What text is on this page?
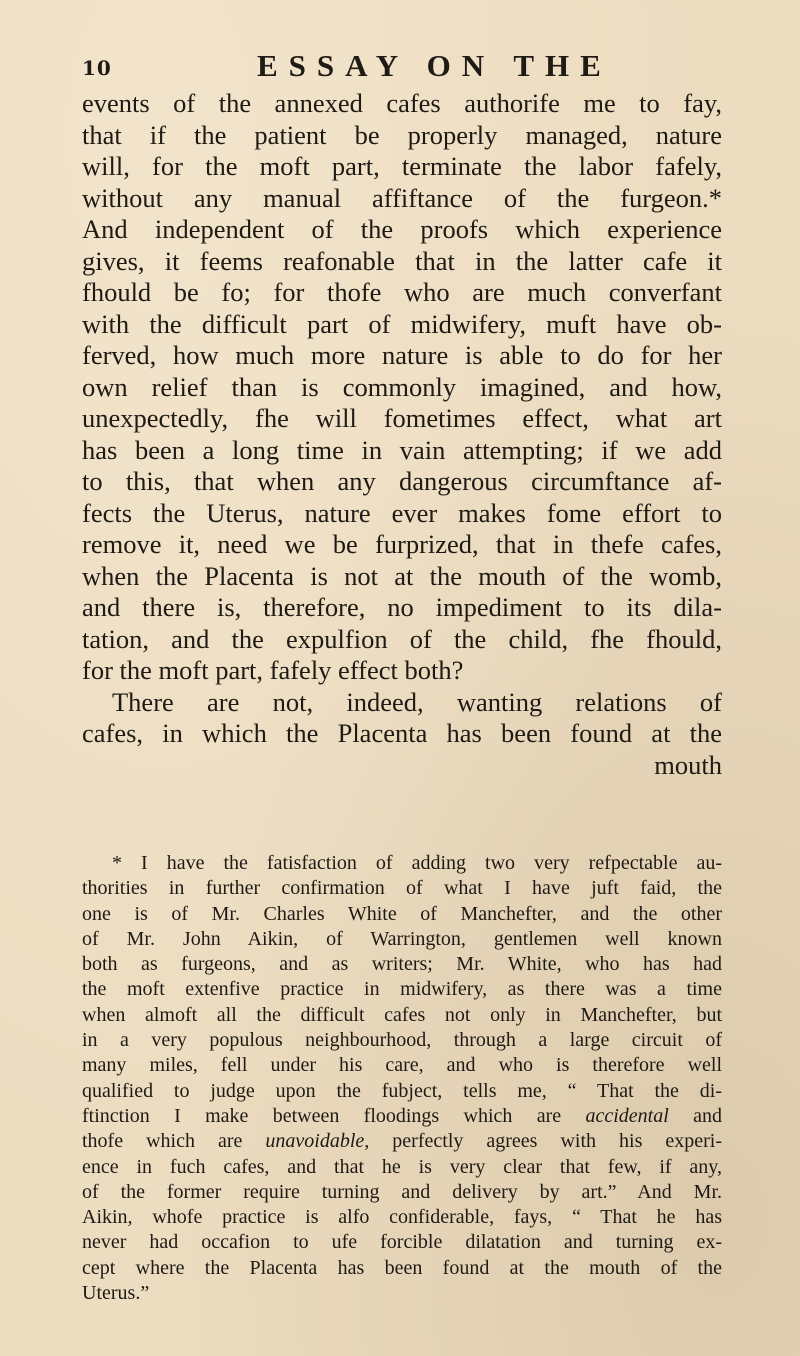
10	ESSAY ON THE
events of the annexed cafes authorife me to fay,
that if the patient be properly managed, nature
will, for the moft part, terminate the labor fafely,
without any manual affiftance of the furgeon.*
And independent of the proofs which experience
gives, it feems reafonable that in the latter cafe it
fhould be fo; for thofe who are much converfant
with the difficult part of midwifery, muft have ob-
ferved, how much more nature is able to do for her
own relief than is commonly imagined, and how,
unexpectedly, fhe will fometimes effect, what art
has been a long time in vain attempting; if we add
to this, that when any dangerous circumftance af-
fects the Uterus, nature ever makes fome effort to
remove it, need we be furprized, that in thefe cafes,
when the Placenta is not at the mouth of the womb,
and there is, therefore, no impediment to its dila-
tation, and the expulfion of the child, fhe fhould,
for the moft part, fafely effect both?
There are not, indeed, wanting relations of
cafes, in which the Placenta has been found at the
mouth
* I have the fatisfaction of adding two very refpectable au-
thorities in further confirmation of what I have juft faid, the
one is of Mr. Charles White of Manchefter, and the other
of Mr. John Aikin, of Warrington, gentlemen well known
both as furgeons, and as writers; Mr. White, who has had
the moft extenfive practice in midwifery, as there was a time
when almoft all the difficult cafes not only in Manchefter, but
in a very populous neighbourhood, through a large circuit of
many miles, fell under his care, and who is therefore well
qualified to judge upon the fubject, tells me, “ That the di-
ftinction I make between floodings which are accidental and
thofe which are unavoidable, perfectly agrees with his experi-
ence in fuch cafes, and that he is very clear that few, if any,
of the former require turning and delivery by art.” And Mr.
Aikin, whofe practice is alfo confiderable, fays, “ That he has
never had occafion to ufe forcible dilatation and turning ex-
cept where the Placenta has been found at the mouth of the
Uterus.”
